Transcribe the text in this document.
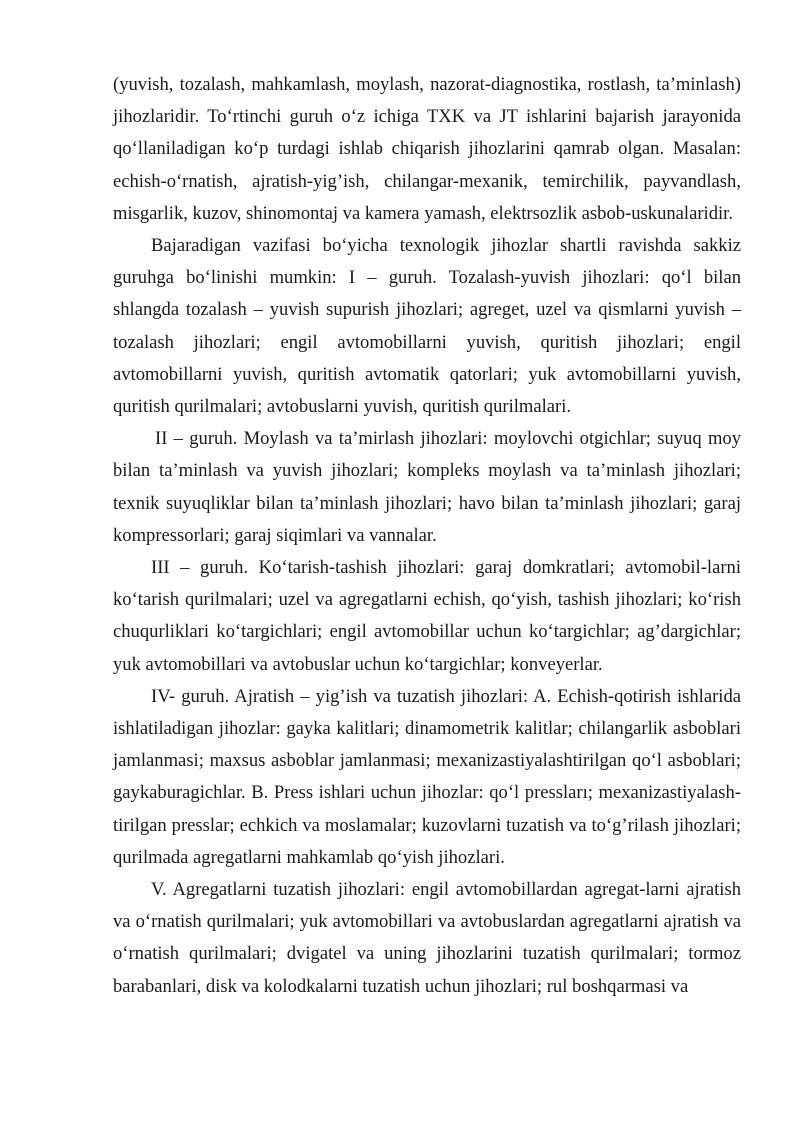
(yuvish, tozalash, mahkamlash, moylash, nazorat-diagnostika, rostlash, ta’minlash) jihozlaridir. To‘rtinchi guruh o‘z ichiga TXK va JT ishlarini bajarish jarayonida qo‘llaniladigan ko‘p turdagi ishlab chiqarish jihozlarini qamrab olgan. Masalan: echish-o‘rnatish, ajratish-yig’ish, chilangar-mexanik, temirchilik, payvandlash, misgarlik, kuzov, shinomontaj va kamera yamash, elektrsozlik asbob-uskunalaridir.

Bajaradigan vazifasi bo‘yicha texnologik jihozlar shartli ravishda sakkiz guruhga bo‘linishi mumkin: I – guruh. Tozalash-yuvish jihozlari: qo‘l bilan shlangda tozalash – yuvish supurish jihozlari; agreget, uzel va qismlarni yuvish – tozalash jihozlari; engil avtomobillarni yuvish, quritish jihozlari; engil avtomobillarni yuvish, quritish avtomatik qatorlari; yuk avtomobillarni yuvish, quritish qurilmalari; avtobuslarni yuvish, quritish qurilmalari.

II – guruh. Moylash va ta’mirlash jihozlari: moylovchi otgichlar; suyuq moy bilan ta’minlash va yuvish jihozlari; kompleks moylash va ta’minlash jihozlari; texnik suyuqliklar bilan ta’minlash jihozlari; havo bilan ta’minlash jihozlari; garaj kompressorlari; garaj siqimlari va vannalar.

III – guruh. Ko‘tarish-tashish jihozlari: garaj domkratlari; avtomobil-larni ko‘tarish qurilmalari; uzel va agregatlarni echish, qo‘yish, tashish jihozlari; ko‘rish chuqurliklari ko‘targichlari; engil avtomobillar uchun ko‘targichlar; ag’dargichlar; yuk avtomobillari va avtobuslar uchun ko‘targichlar; konveyerlar.

IV- guruh. Ajratish – yig’ish va tuzatish jihozlari: A. Echish-qotirish ishlarida ishlatiladigan jihozlar: gayka kalitlari; dinamometrik kalitlar; chilangarlik asboblari jamlanmasi; maxsus asboblar jamlanmasi; mexanizastiyalashtirilgan qo‘l asboblari; gaykaburagichlar. B. Press ishlari uchun jihozlar: qo‘l pressları; mexanizastiyalash-tirilgan presslar; echkich va moslamalar; kuzovlarni tuzatish va to‘g’rilash jihozlari; qurilmada agregatlarni mahkamlab qo‘yish jihozlari.

V. Agregatlarni tuzatish jihozlari: engil avtomobillardan agregat-larni ajratish va o‘rnatish qurilmalari; yuk avtomobillari va avtobuslardan agregatlarni ajratish va o‘rnatish qurilmalari; dvigatel va uning jihozlarini tuzatish qurilmalari; tormoz barabanlari, disk va kolodkalarni tuzatish uchun jihozlari; rul boshqarmasi va
